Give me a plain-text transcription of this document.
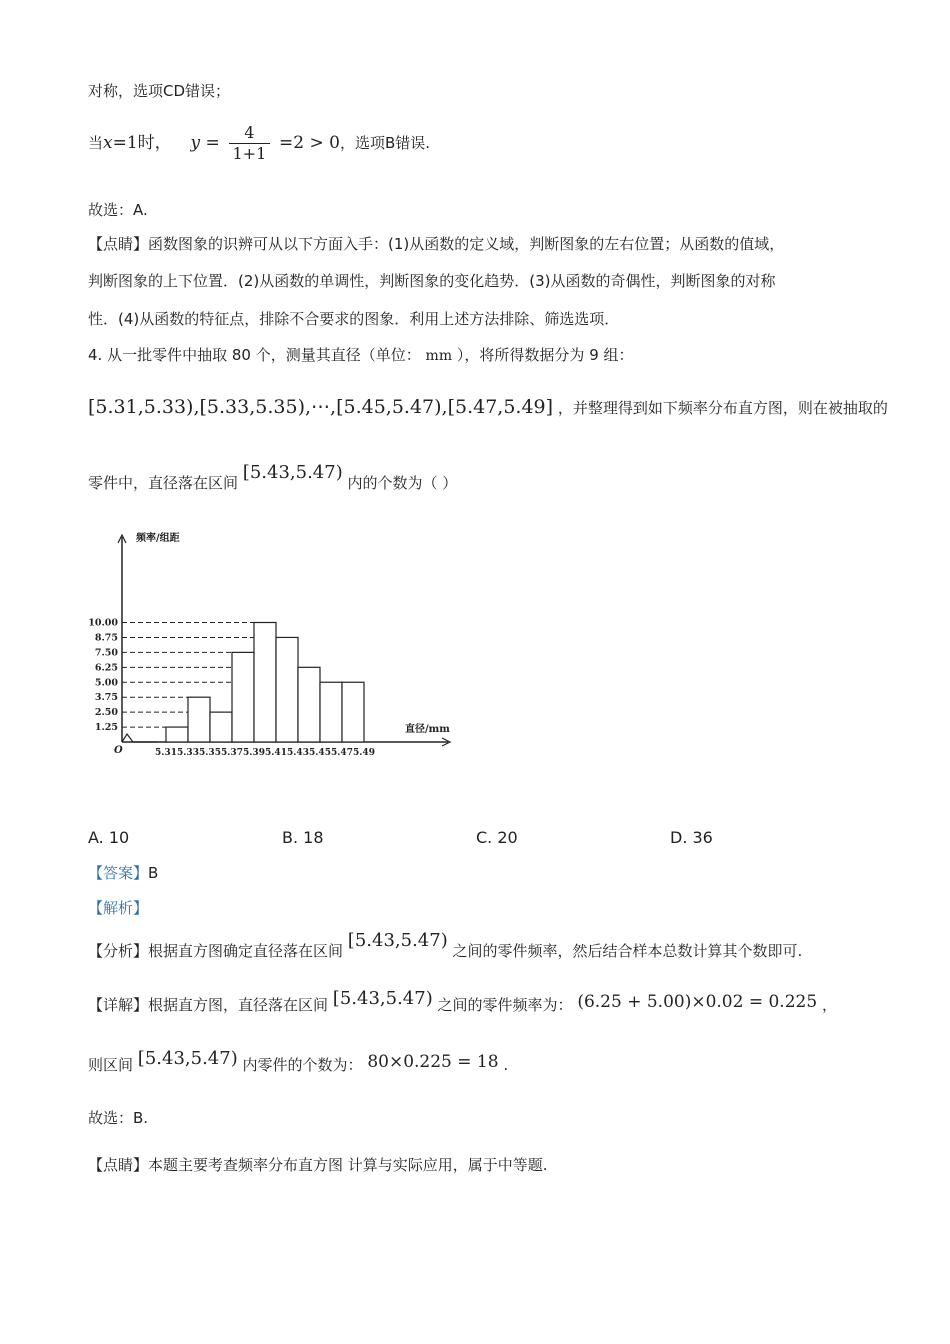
对称，选项CD错误；
当x=1时， $y = \frac{4}{1+1} =2 > 0$，选项B错误.
故选：A.
【点睛】函数图象的识辨可从以下方面入手：(1)从函数的定义域，判断图象的左右位置；从函数的值域，
判断图象的上下位置．(2)从函数的单调性，判断图象的变化趋势．(3)从函数的奇偶性，判断图象的对称
性．(4)从函数的特征点，排除不合要求的图象．利用上述方法排除、筛选选项．
4. 从一批零件中抽取 80 个，测量其直径（单位： mm ），将所得数据分为 9 组：
[5.31,5.33),[5.33,5.35),⋯,[5.45,5.47),[5.47,5.49] ，并整理得到如下频率分布直方图，则在被抽取的
零件中，直径落在区间 [5.43,5.47) 内的个数为（ ）
频率/组距
直径/mm
O
1.25
2.50
3.75
5.00
6.25
7.50
8.75
10.00
5.31 5.33 5.35 5.37 5.39 5.41 5.43 5.45 5.47 5.49
A. 10	B. 18	C. 20	D. 36
【答案】B
【解析】
【分析】根据直方图确定直径落在区间 [5.43,5.47) 之间的零件频率，然后结合样本总数计算其个数即可.
【详解】根据直方图，直径落在区间 [5.43,5.47) 之间的零件频率为： (6.25 + 5.00)×0.02 = 0.225 ，
则区间 [5.43,5.47) 内零件的个数为： 80×0.225 = 18 .
故选：B.
【点睛】本题主要考查频率分布直方图 计算与实际应用，属于中等题.
